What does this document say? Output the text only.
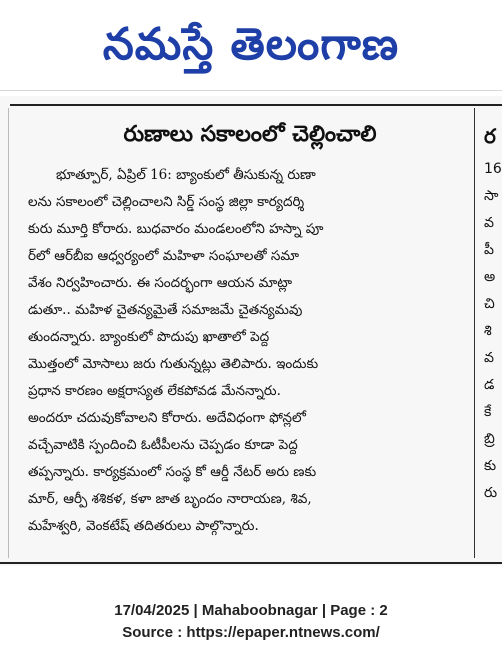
నమస్తే తెలంగాణ
రుణాలు సకాలంలో చెల్లించాలి
భూత్పూర్, ఏప్రిల్ 16: బ్యాంకులో తీసుకున్న రుణా
లను సకాలంలో చెల్లించాలని సిర్డ్ సంస్థ జిల్లా కార్యదర్శి
కురు మూర్తి కోరారు. బుధవారం మండలంలోని హస్నా పూ
ర్‌లో ఆర్‌బీఐ ఆధ్వర్యంలో మహిళా సంఘాలతో సమా
వేశం నిర్వహించారు. ఈ సందర్భంగా ఆయన మాట్లా
డుతూ.. మహిళ చైతన్యమైతే సమాజమే చైతన్యమవు
తుందన్నారు. బ్యాంకులో పొదుపు ఖాతాలో పెద్ద
మొత్తంలో మోసాలు జరు గుతున్నట్లు తెలిపారు. ఇందుకు
ప్రధాన కారణం అక్షరాస్యత లేకపోవడ మేనన్నారు.
అందరూ చదువుకోవాలని కోరారు. అదేవిధంగా ఫోన్లలో
వచ్చేవాటికి స్పందించి ఓటీపీలను చెప్పడం కూడా పెద్ద
తప్పన్నారు. కార్యక్రమంలో సంస్థ కో ఆర్డీ నేటర్ అరు ణకు
మార్, ఆర్పీ శశికళ, కళా జాత బృందం నారాయణ, శివ,
మహేశ్వరి, వెంకటేష్ తదితరులు పాల్గొన్నారు.
ర
16
సా
వ
పీ
అ
చి
శి
వ
డ
కే
బ్రి
కు
రు
17/04/2025 | Mahaboobnagar | Page : 2
Source : https://epaper.ntnews.com/
